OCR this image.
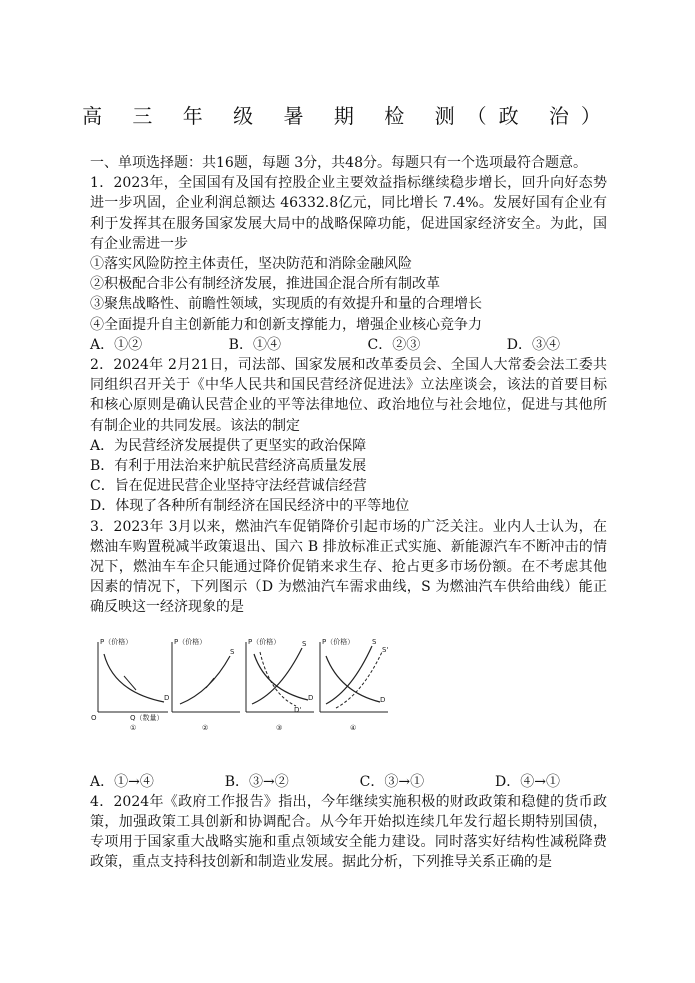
高 三 年 级 暑 期 检 测（政 治）

一、单项选择题：共16题，每题 3分，共48分。每题只有一个选项最符合题意。

1．2023年，全国国有及国有控股企业主要效益指标继续稳步增长，回升向好态势进一步巩固，企业利润总额达 46332.8亿元，同比增长 7.4%。发展好国有企业有利于发挥其在服务国家发展大局中的战略保障功能，促进国家经济安全。为此，国有企业需进一步

①落实风险防控主体责任，坚决防范和消除金融风险

②积极配合非公有制经济发展，推进国企混合所有制改革

③聚焦战略性、前瞻性领域，实现质的有效提升和量的合理增长

④全面提升自主创新能力和创新支撑能力，增强企业核心竞争力

A．①②	B．①④	C．②③	D．③④

2．2024年 2月21日，司法部、国家发展和改革委员会、全国人大常委会法工委共同组织召开关于《中华人民共和国民营经济促进法》立法座谈会，该法的首要目标和核心原则是确认民营企业的平等法律地位、政治地位与社会地位，促进与其他所有制企业的共同发展。该法的制定

A．为民营经济发展提供了更坚实的政治保障

B．有利于用法治来护航民营经济高质量发展

C．旨在促进民营企业坚持守法经营诚信经营

D．体现了各种所有制经济在国民经济中的平等地位

3．2023年 3月以来，燃油汽车促销降价引起市场的广泛关注。业内人士认为，在燃油车购置税减半政策退出、国六 B 排放标准正式实施、新能源汽车不断冲击的情况下，燃油车车企只能通过降价促销来求生存、抢占更多市场份额。在不考虑其他因素的情况下，下列图示（D 为燃油汽车需求曲线，S 为燃油汽车供给曲线）能正确反映这一经济现象的是

P（价格）
O	Q（数量）
D
①
P（价格）
S
②
P（价格）	S
D
D'
③
P（价格）	S
S'
D
④
A．①→④	B．③→②	C．③→①	D．④→①

4．2024年《政府工作报告》指出，今年继续实施积极的财政政策和稳健的货币政策，加强政策工具创新和协调配合。从今年开始拟连续几年发行超长期特别国债，专项用于国家重大战略实施和重点领域安全能力建设。同时落实好结构性减税降费政策，重点支持科技创新和制造业发展。据此分析，下列推导关系正确的是
